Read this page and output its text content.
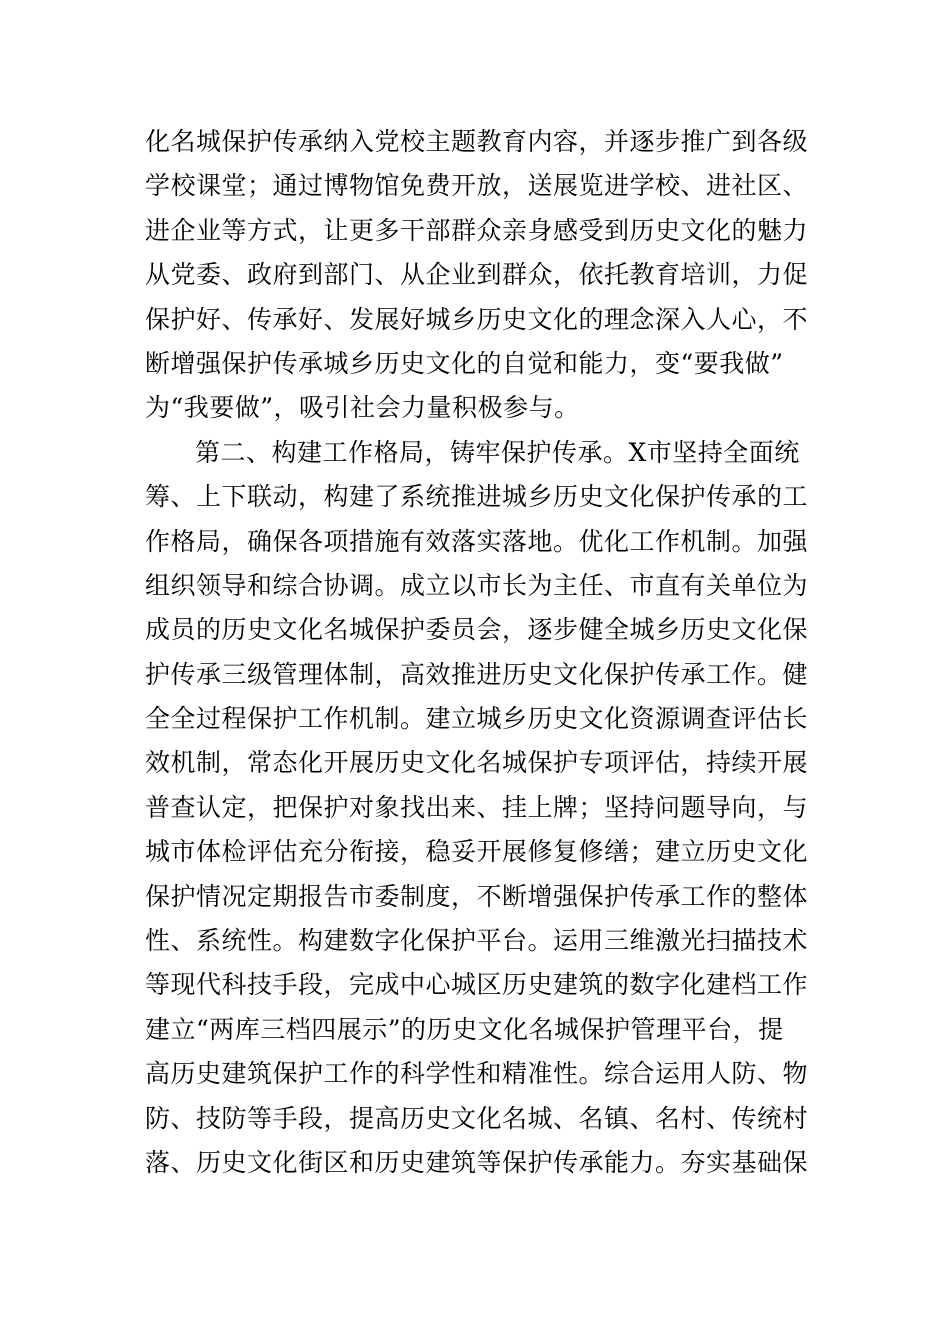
化名城保护传承纳入党校主题教育内容，并逐步推广到各级
学校课堂；通过博物馆免费开放，送展览进学校、进社区、
进企业等方式，让更多干部群众亲身感受到历史文化的魅力
从党委、政府到部门、从企业到群众，依托教育培训，力促
保护好、传承好、发展好城乡历史文化的理念深入人心，不
断增强保护传承城乡历史文化的自觉和能力，变“要我做”
为“我要做”，吸引社会力量积极参与。
第二、构建工作格局，铸牢保护传承。X市坚持全面统
筹、上下联动，构建了系统推进城乡历史文化保护传承的工
作格局，确保各项措施有效落实落地。优化工作机制。加强
组织领导和综合协调。成立以市长为主任、市直有关单位为
成员的历史文化名城保护委员会，逐步健全城乡历史文化保
护传承三级管理体制，高效推进历史文化保护传承工作。健
全全过程保护工作机制。建立城乡历史文化资源调查评估长
效机制，常态化开展历史文化名城保护专项评估，持续开展
普查认定，把保护对象找出来、挂上牌；坚持问题导向，与
城市体检评估充分衔接，稳妥开展修复修缮；建立历史文化
保护情况定期报告市委制度，不断增强保护传承工作的整体
性、系统性。构建数字化保护平台。运用三维激光扫描技术
等现代科技手段，完成中心城区历史建筑的数字化建档工作
建立“两库三档四展示”的历史文化名城保护管理平台，提
高历史建筑保护工作的科学性和精准性。综合运用人防、物
防、技防等手段，提高历史文化名城、名镇、名村、传统村
落、历史文化街区和历史建筑等保护传承能力。夯实基础保
